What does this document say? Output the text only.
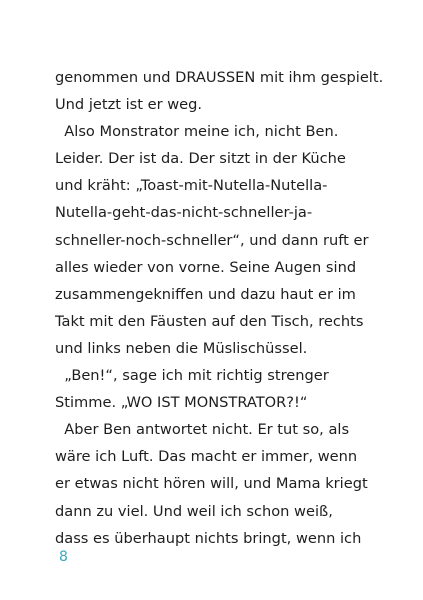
genommen und DRAUSSEN mit ihm gespielt.
Und jetzt ist er weg.
Also Monstrator meine ich, nicht Ben.
Leider. Der ist da. Der sitzt in der Küche
und kräht: „Toast-mit-Nutella-Nutella-
Nutella-geht-das-nicht-schneller-ja-
schneller-noch-schneller“, und dann ruft er
alles wieder von vorne. Seine Augen sind
zusammengekniffen und dazu haut er im
Takt mit den Fäusten auf den Tisch, rechts
und links neben die Müslischüssel.
„Ben!“, sage ich mit richtig strenger
Stimme. „WO IST MONSTRATOR?!“
Aber Ben antwortet nicht. Er tut so, als
wäre ich Luft. Das macht er immer, wenn
er etwas nicht hören will, und Mama kriegt
dann zu viel. Und weil ich schon weiß,
dass es überhaupt nichts bringt, wenn ich
8
